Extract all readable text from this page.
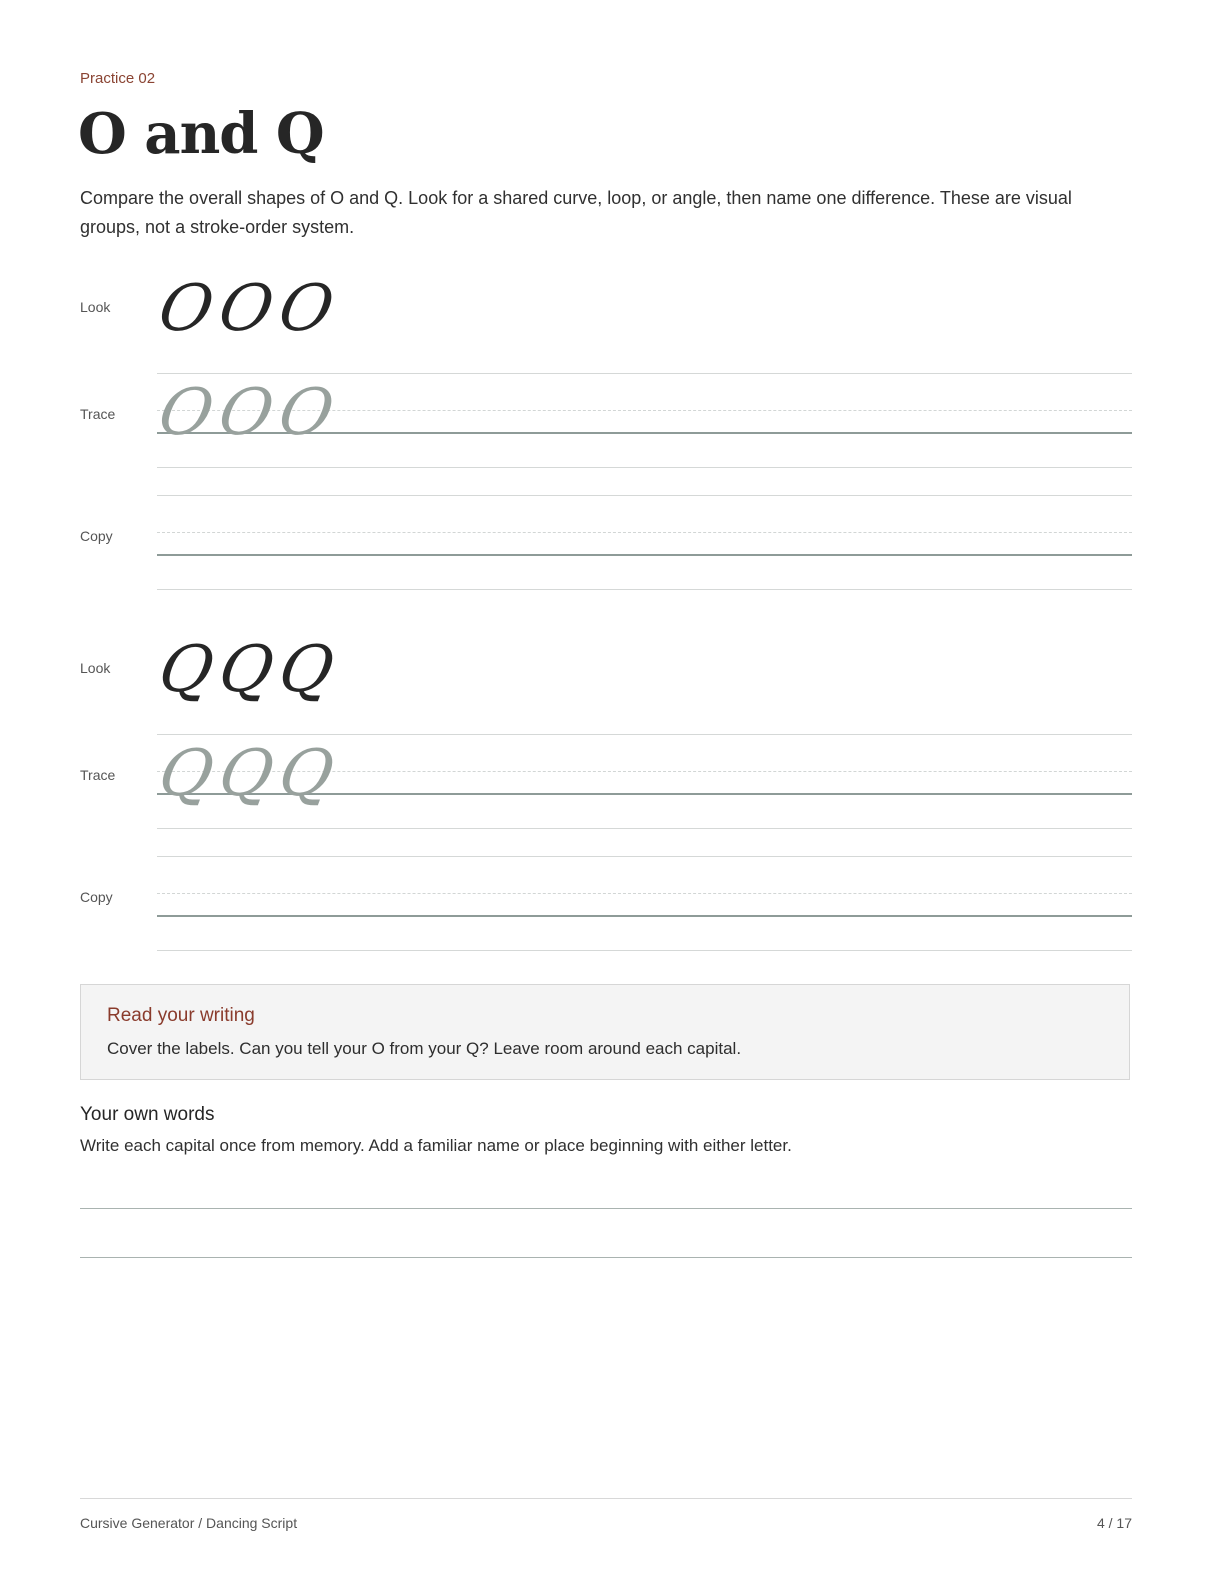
Practice 02
O and Q
Compare the overall shapes of O and Q. Look for a shared curve, loop, or angle, then name one difference. These are visual groups, not a stroke-order system.
Look O
O
O
Trace O
O
O
Copy
Look Q
Q
Q
Trace Q
Q
Q
Copy
Read your writing
Cover the labels. Can you tell your O from your Q? Leave room around each capital.
Your own words
Write each capital once from memory. Add a familiar name or place beginning with either letter.
Cursive Generator / Dancing Script	4 / 17
